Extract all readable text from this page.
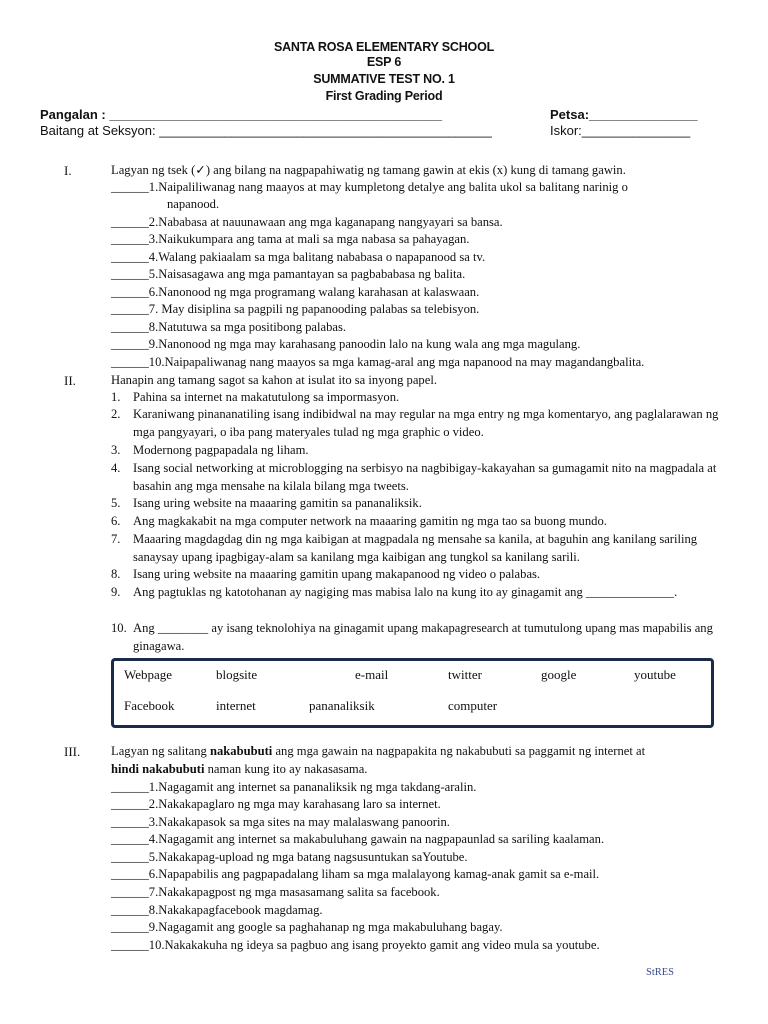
SANTA ROSA ELEMENTARY SCHOOL
ESP 6
SUMMATIVE TEST NO. 1
First Grading Period
Pangalan : ______________________________________________	Petsa:_______________
Baitang at Seksyon: ______________________________________________	Iskor:_______________
I.	Lagyan ng tsek (✓) ang bilang na nagpapahiwatig ng tamang gawin at ekis (x) kung di tamang gawin.
______1.Naipaliliwanag nang maayos at may kumpletong detalye ang balita ukol sa balitang narinig o
napanood.
______2.Nababasa at nauunawaan ang mga kaganapang nangyayari sa bansa.
______3.Naikukumpara ang tama at mali sa mga nabasa sa pahayagan.
______4.Walang pakiaalam sa mga balitang nababasa o napapanood sa tv.
______5.Naisasagawa ang mga pamantayan sa pagbababasa ng balita.
______6.Nanonood ng mga programang walang karahasan at kalaswaan.
______7. May disiplina sa pagpili ng papanooding palabas sa telebisyon.
______8.Natutuwa sa mga positibong palabas.
______9.Nanonood ng mga may karahasang panoodin lalo na kung wala ang mga magulang.
______10.Naipapaliwanag nang maayos sa mga kamag-aral ang mga napanood na may magandangbalita.
II.	Hanapin ang tamang sagot sa kahon at isulat ito sa inyong papel.
1. Pahina sa internet na makatutulong sa impormasyon.
2. Karaniwang pinananatiling isang indibidwal na may regular na mga entry ng mga komentaryo, ang paglalarawan ng mga pangyayari, o iba pang materyales tulad ng mga graphic o video.
3. Modernong pagpapadala ng liham.
4. Isang social networking at microblogging na serbisyo na nagbibigay-kakayahan sa gumagamit nito na magpadala at basahin ang mga mensahe na kilala bilang mga tweets.
5. Isang uring website na maaaring gamitin sa pananaliksik.
6. Ang magkakabit na mga computer network na maaaring gamitin ng mga tao sa buong mundo.
7. Maaaring magdagdag din ng mga kaibigan at magpadala ng mensahe sa kanila, at baguhin ang kanilang sariling sanaysay upang ipagbigay-alam sa kanilang mga kaibigan ang tungkol sa kanilang sarili.
8. Isang uring website na maaaring gamitin upang makapanood ng video o palabas.
9. Ang pagtuklas ng katotohanan ay nagiging mas mabisa lalo na kung ito ay ginagamit ang ______________.
10. Ang ________ ay isang teknolohiya na ginagamit upang makapagresearch at tumutulong upang mas mapabilis ang ginagawa.
Webpage	blogsite	e-mail	twitter	google	youtube
Facebook	internet	pananaliksik	computer
III. Lagyan ng salitang nakabubuti ang mga gawain na nagpapakita ng nakabubuti sa paggamit ng internet at
hindi nakabubuti naman kung ito ay nakasasama.
______1.Nagagamit ang internet sa pananaliksik ng mga takdang-aralin.
______2.Nakakapaglaro ng mga may karahasang laro sa internet.
______3.Nakakapasok sa mga sites na may malalaswang panoorin.
______4.Nagagamit ang internet sa makabuluhang gawain na nagpapaunlad sa sariling kaalaman.
______5.Nakakapag-upload ng mga batang nagsusuntukan saYoutube.
______6.Napapabilis ang pagpapadalang liham sa mga malalayong kamag-anak gamit sa e-mail.
______7.Nakakapagpost ng mga masasamang salita sa facebook.
______8.Nakakapagfacebook magdamag.
______9.Nagagamit ang google sa paghahanap ng mga makabuluhang bagay.
______10.Nakakakuha ng ideya sa pagbuo ang isang proyekto gamit ang video mula sa youtube.
StRES
